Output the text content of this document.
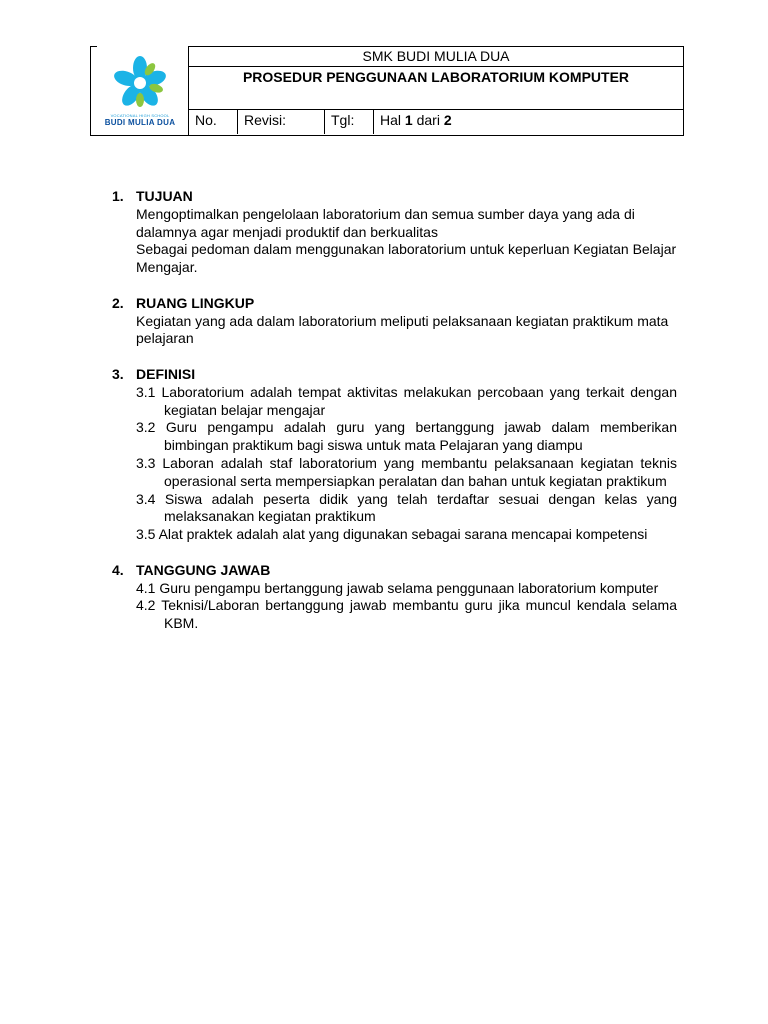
VOCATIONAL HIGH SCHOOL
BUDI MULIA DUA
SMK BUDI MULIA DUA
PROSEDUR PENGGUNAAN LABORATORIUM KOMPUTER
No.	Revisi:	Tgl:	Hal 1 dari 2
1. TUJUAN
Mengoptimalkan pengelolaan laboratorium dan semua sumber daya yang ada di dalamnya agar menjadi produktif dan berkualitas
Sebagai pedoman dalam menggunakan laboratorium untuk keperluan Kegiatan Belajar Mengajar.
2. RUANG LINGKUP
Kegiatan yang ada dalam laboratorium meliputi pelaksanaan kegiatan praktikum mata pelajaran
3. DEFINISI
3.1 Laboratorium adalah tempat aktivitas melakukan percobaan yang terkait dengan kegiatan belajar mengajar
3.2 Guru pengampu adalah guru yang bertanggung jawab dalam memberikan bimbingan praktikum bagi siswa untuk mata Pelajaran yang diampu
3.3 Laboran adalah staf laboratorium yang membantu pelaksanaan kegiatan teknis operasional serta mempersiapkan peralatan dan bahan untuk kegiatan praktikum
3.4 Siswa adalah peserta didik yang telah terdaftar sesuai dengan kelas yang melaksanakan kegiatan praktikum
3.5 Alat praktek adalah alat yang digunakan sebagai sarana mencapai kompetensi
4. TANGGUNG JAWAB
4.1 Guru pengampu bertanggung jawab selama penggunaan laboratorium komputer
4.2 Teknisi/Laboran bertanggung jawab membantu guru jika muncul kendala selama KBM.
